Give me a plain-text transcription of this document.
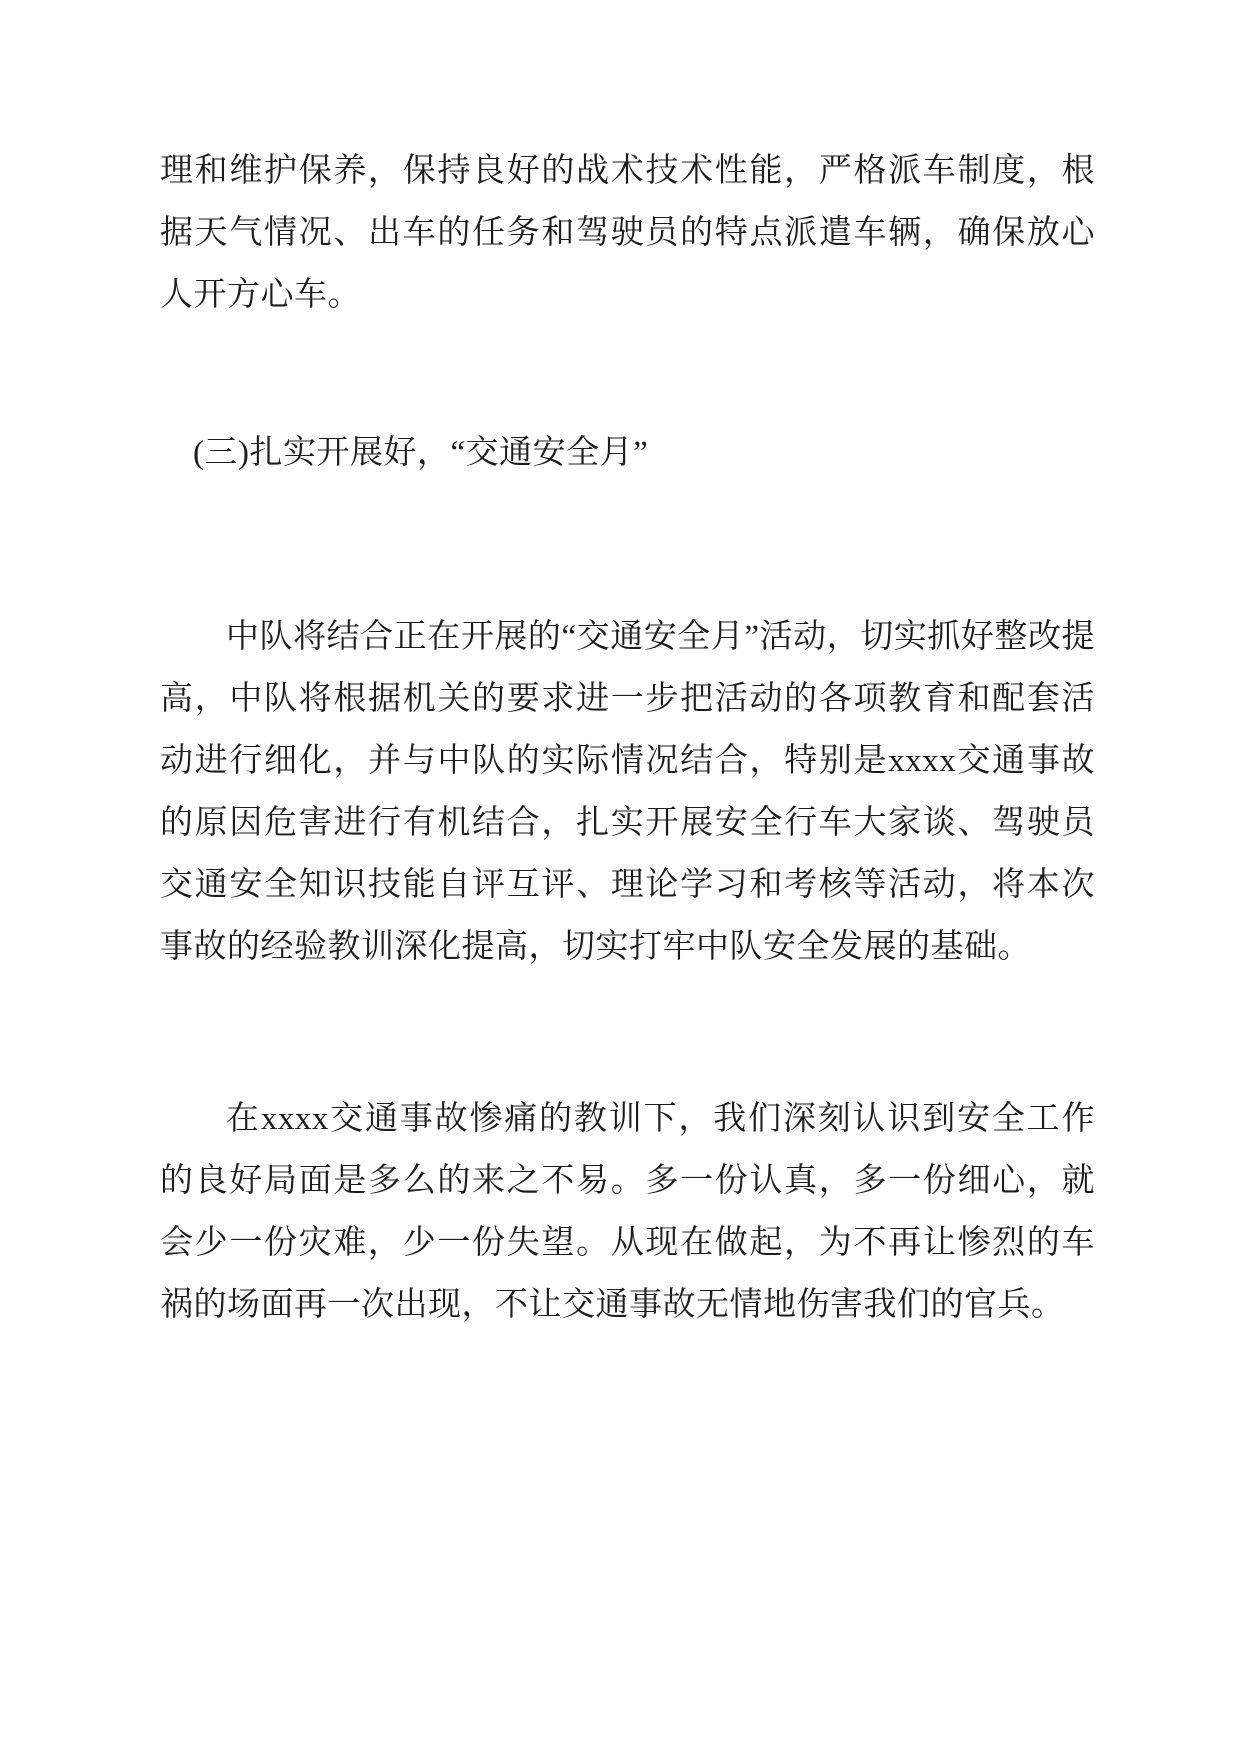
理和维护保养，保持良好的战术技术性能，严格派车制度，根据天气情况、出车的任务和驾驶员的特点派遣车辆，确保放心人开方心车。

(三)扎实开展好，“交通安全月”

中队将结合正在开展的“交通安全月”活动，切实抓好整改提高，中队将根据机关的要求进一步把活动的各项教育和配套活动进行细化，并与中队的实际情况结合，特别是xxxx交通事故的原因危害进行有机结合，扎实开展安全行车大家谈、驾驶员交通安全知识技能自评互评、理论学习和考核等活动，将本次事故的经验教训深化提高，切实打牢中队安全发展的基础。

在xxxx交通事故惨痛的教训下，我们深刻认识到安全工作的良好局面是多么的来之不易。多一份认真，多一份细心，就会少一份灾难，少一份失望。从现在做起，为不再让惨烈的车祸的场面再一次出现，不让交通事故无情地伤害我们的官兵。
